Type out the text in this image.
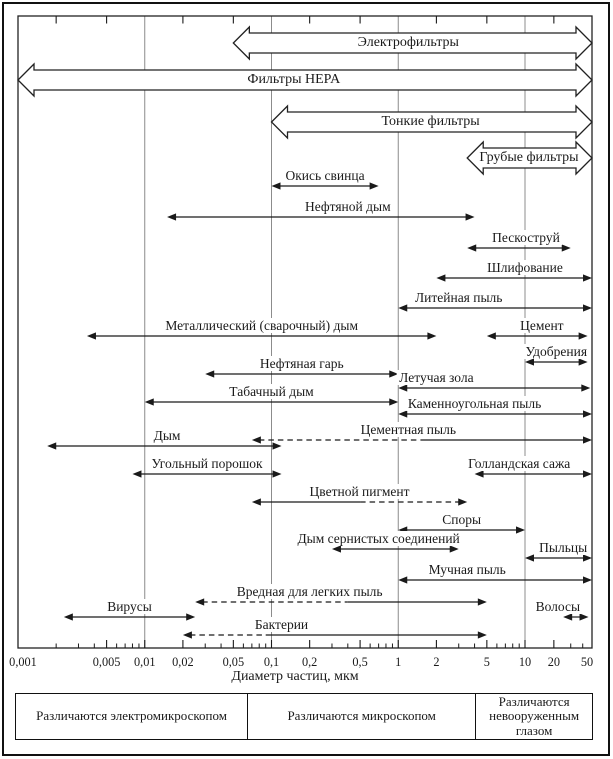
0,001	0,005 0,01 0,02 0,05 0,1 0,2	0,5 1	2	5 10 20 50
Электрофильтры
Фильтры HEPA
Тонкие фильтры
Грубые фильтры
Окись свинца
Нефтяной дым
Пескоструй
Шлифование
Литейная пыль
Металлический (сварочный) дым	Цемент
Удобрения
Нефтяная гарь
Летучая зола
Табачный дым
Каменноугольная пыль
Цементная пыль
Дым
Угольный порошок	Голландская сажа
Цветной пигмент
Споры
Дым сернистых соединений
Пыльцы
Мучная пыль
Вредная для легких пыль
Вирусы	Волосы
Бактерии
Диаметр частиц, мкм
Различаются электромикроскопом	Различаются микроскопом
Различаются невооруженным глазом
